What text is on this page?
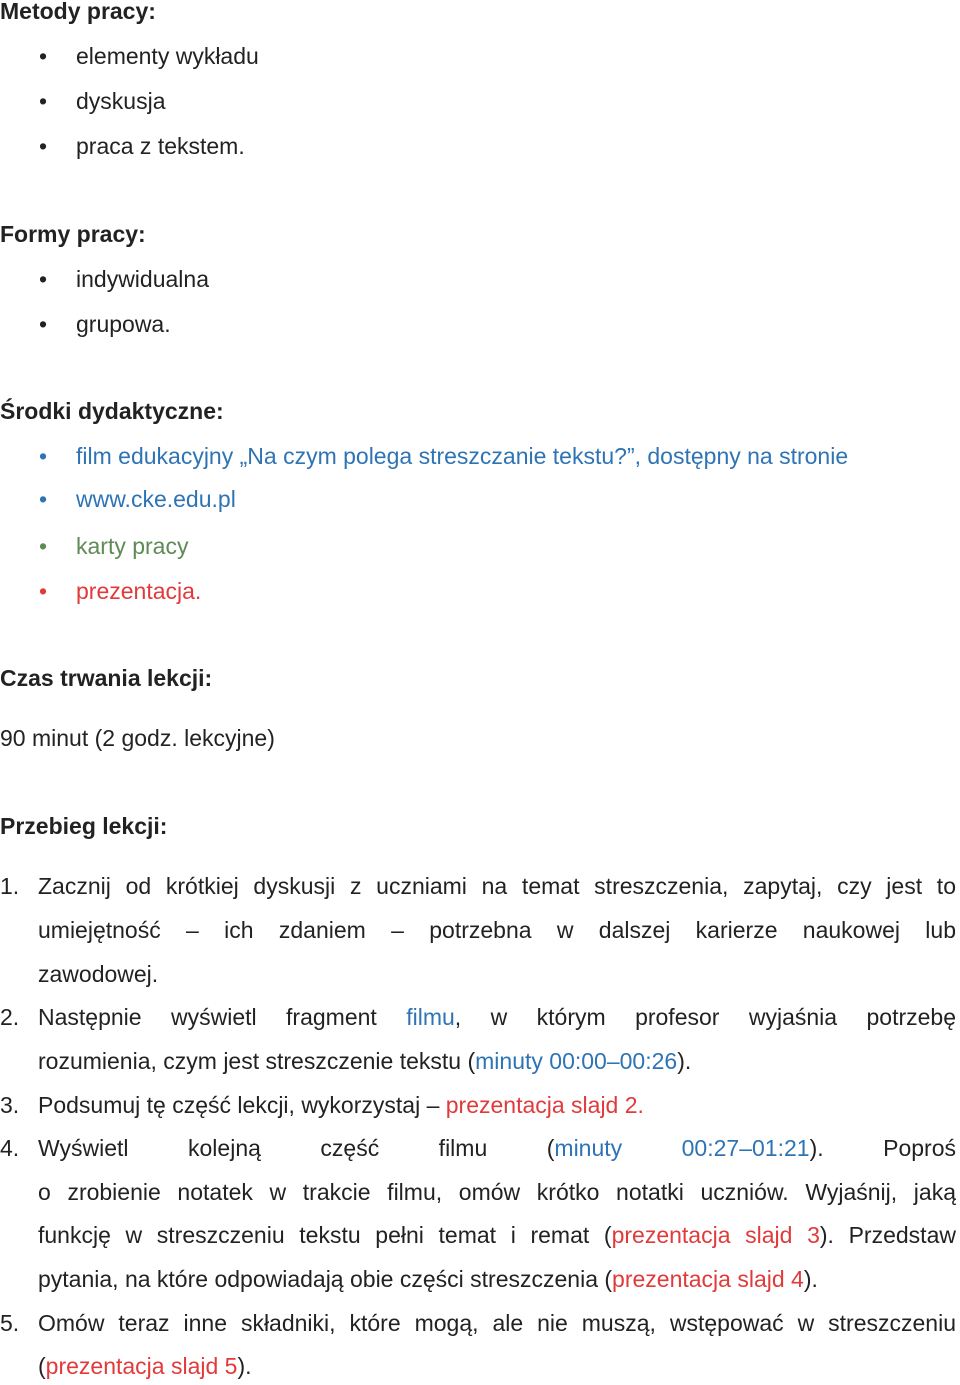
Metody pracy:
• elementy wykładu
• dyskusja
• praca z tekstem.
Formy pracy:
• indywidualna
• grupowa.
Środki dydaktyczne:
• film edukacyjny „Na czym polega streszczanie tekstu?”, dostępny na stronie
• www.cke.edu.pl
• karty pracy
• prezentacja.
Czas trwania lekcji:
90 minut (2 godz. lekcyjne)
Przebieg lekcji:
1. Zacznij od krótkiej dyskusji z uczniami na temat streszczenia, zapytaj, czy jest to
umiejętność – ich zdaniem – potrzebna w dalszej karierze naukowej lub
zawodowej.
2. Następnie wyświetl fragment filmu, w którym profesor wyjaśnia potrzebę
rozumienia, czym jest streszczenie tekstu (minuty 00:00–00:26).
3. Podsumuj tę część lekcji, wykorzystaj – prezentacja slajd 2.
4. Wyświetl kolejną część filmu (minuty 00:27–01:21). Poproś
o zrobienie notatek w trakcie filmu, omów krótko notatki uczniów. Wyjaśnij, jaką
funkcję w streszczeniu tekstu pełni temat i remat (prezentacja slajd 3). Przedstaw
pytania, na które odpowiadają obie części streszczenia (prezentacja slajd 4).
5. Omów teraz inne składniki, które mogą, ale nie muszą, wstępować w streszczeniu
(prezentacja slajd 5).
